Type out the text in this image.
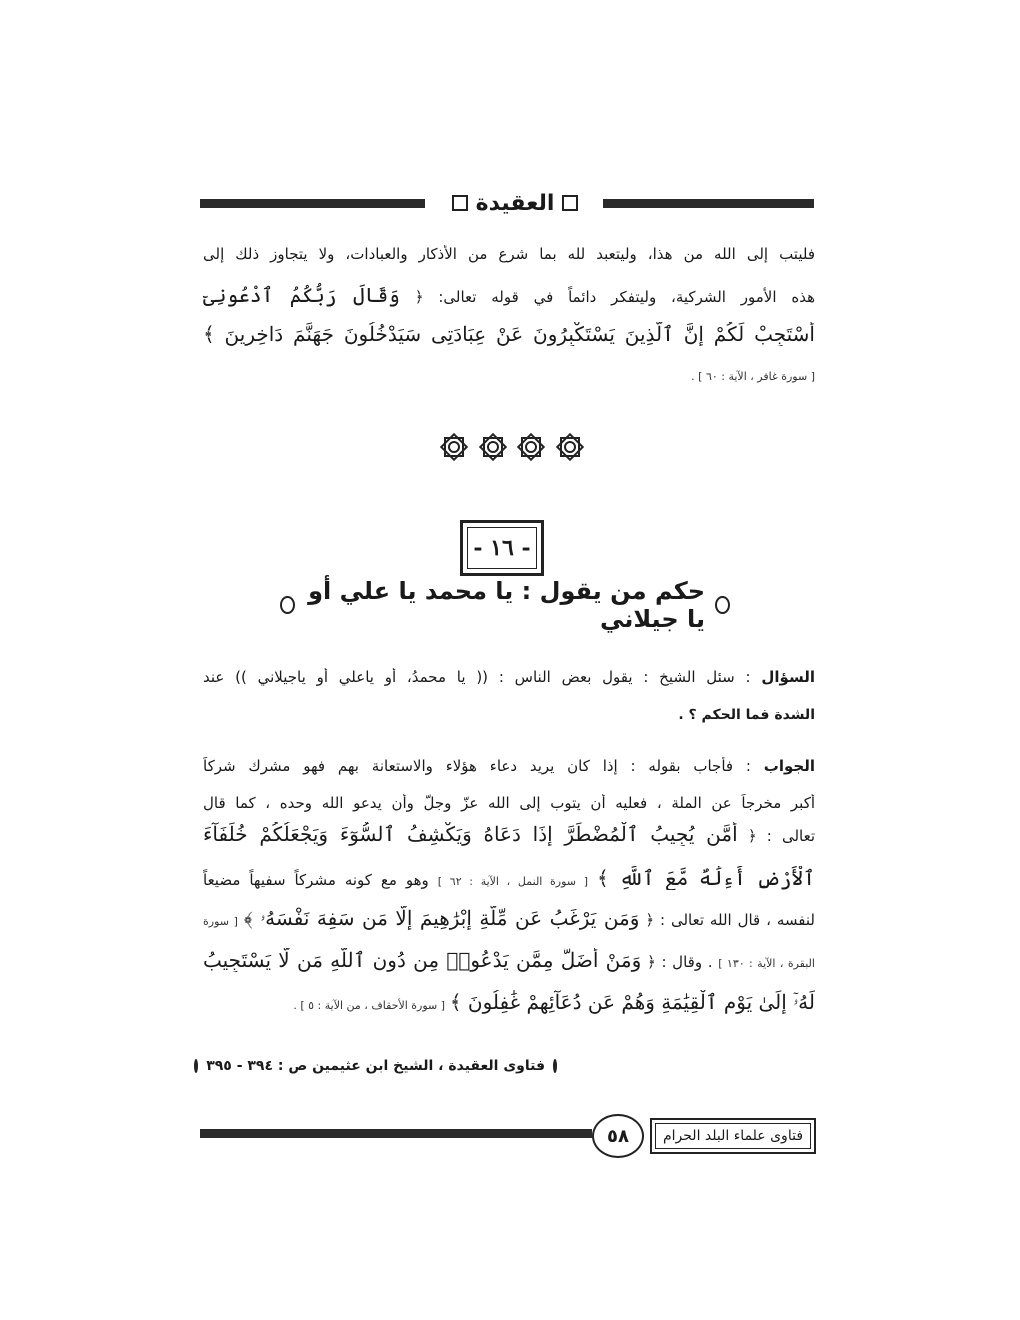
العقيدة
فليتب إلى الله من هذا، وليتعبد لله بما شرع من الأذكار والعبادات، ولا يتجاوز ذلك إلى
هذه الأمور الشركية، وليتفكر دائماً في قوله تعالى: ﴿ وَقَالَ رَبُّكُمُ ٱدْعُونِىٓ
أَسْتَجِبْ لَكُمْ إِنَّ ٱلَّذِينَ يَسْتَكْبِرُونَ عَنْ عِبَادَتِى سَيَدْخُلُونَ جَهَنَّمَ دَاخِرِينَ ﴾
[ سورة غافر ، الآية : ٦٠ ] .
- ١٦ -
حكم من يقول : يا محمد يا علي أو يا جيلاني
السؤال : سئل الشيخ : يقول بعض الناس : (( يا محمدُ، أو ياعلي أو ياجيلاني )) عند
الشدة فما الحكم ؟ .
الجواب : فأجاب بقوله : إذا كان يريد دعاء هؤلاء والاستعانة بهم فهو مشرك شركاً
أكبر مخرجاً عن الملة ، فعليه أن يتوب إلى الله عزّ وجلّ وأن يدعو الله وحده ، كما قال
تعالى : ﴿ أَمَّن يُجِيبُ ٱلْمُضْطَرَّ إِذَا دَعَاهُ وَيَكْشِفُ ٱلسُّوٓءَ وَيَجْعَلُكُمْ خُلَفَآءَ
ٱلْأَرْضِ أَءِلَٰهٌ مَّعَ ٱللَّهِ ﴾ [ سورة النمل ، الآية : ٦٢ ] وهو مع كونه مشركاً سفيهاً مضيعاً
لنفسه ، قال الله تعالى : ﴿ وَمَن يَرْغَبُ عَن مِّلَّةِ إِبْرَٰهِيمَ إِلَّا مَن سَفِهَ نَفْسَهُۥ ﴾ [ سورة
البقرة ، الآية : ١٣٠ ] . وقال : ﴿ وَمَنْ أَضَلُّ مِمَّن يَدْعُوا۟ مِن دُونِ ٱللَّهِ مَن لَّا يَسْتَجِيبُ
لَهُۥٓ إِلَىٰ يَوْمِ ٱلْقِيَٰمَةِ وَهُمْ عَن دُعَآئِهِمْ غَٰفِلُونَ ﴾ [ سورة الأحقاف ، من الآية : ٥ ] .
فتاوى العقيدة ، الشيخ ابن عثيمين ص : ٣٩٤ - ٣٩٥
٥٨	فتاوى علماء البلد الحرام
